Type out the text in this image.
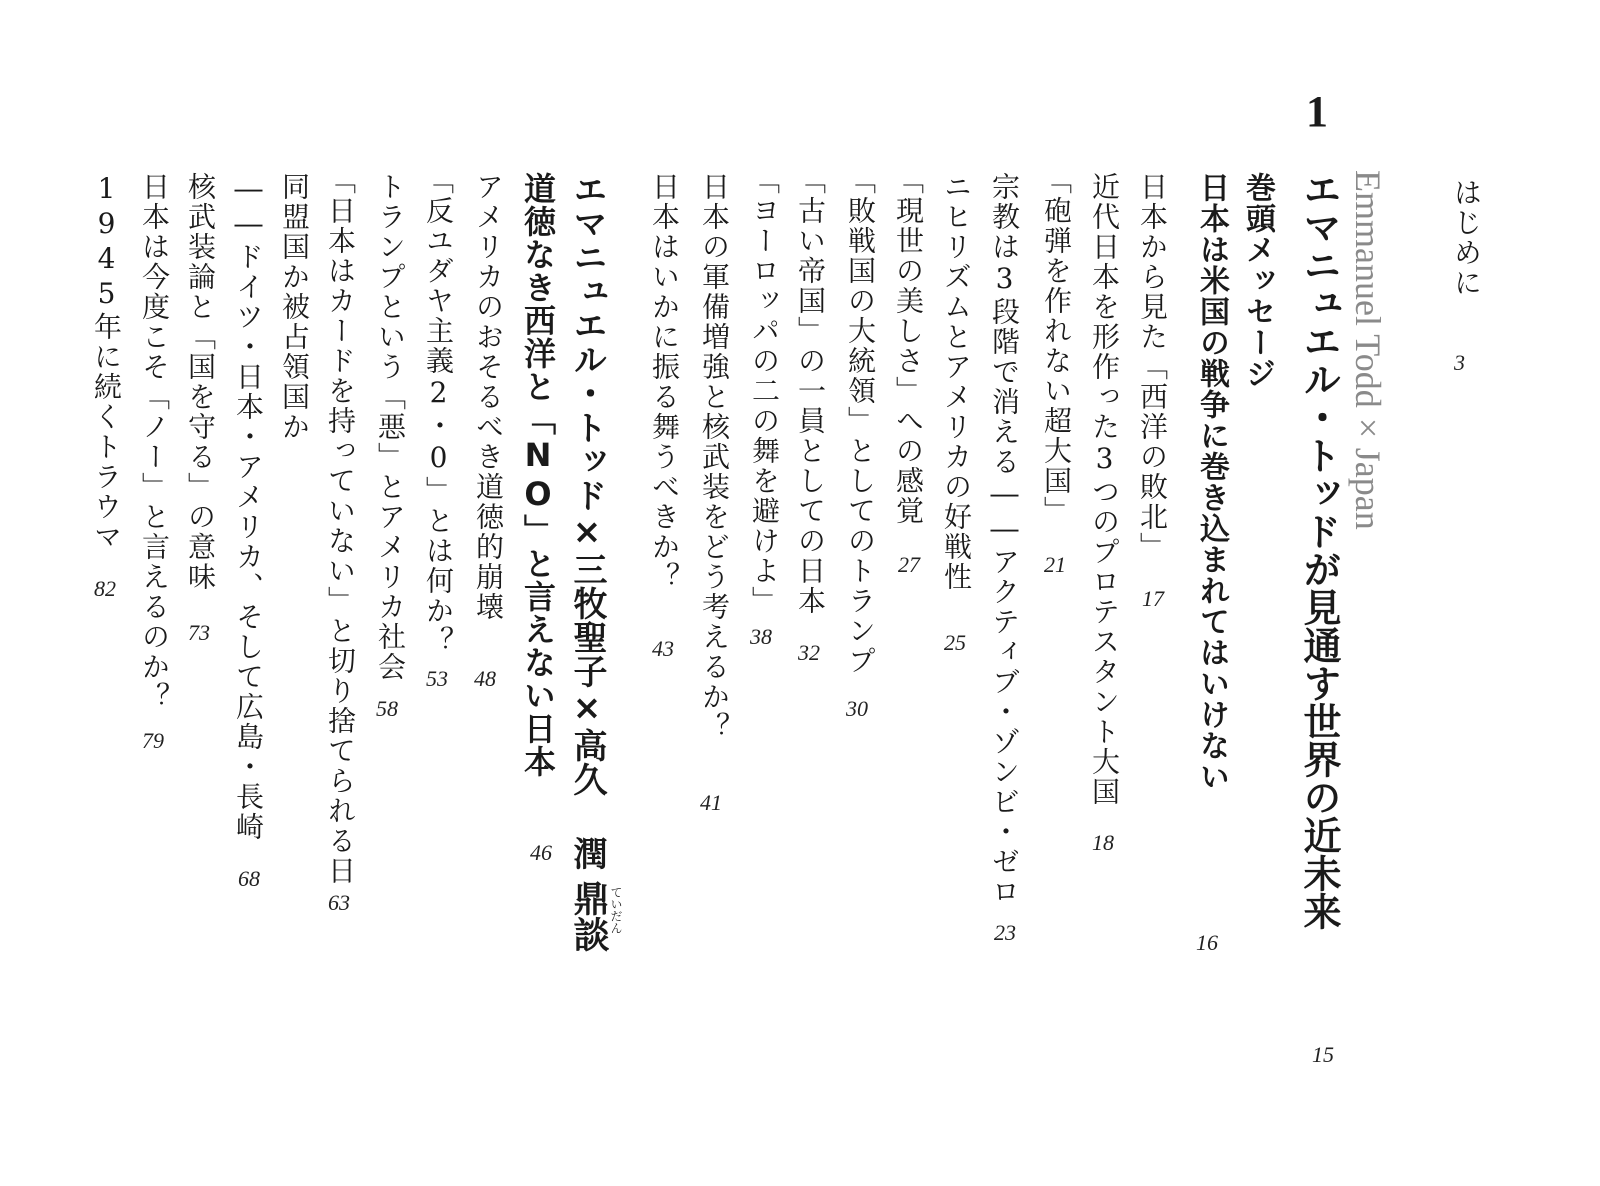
はじめに
3
1
Emmanuel Todd×Japan
エマニュエル・トッドが見通す世界の近未来
15
巻頭メッセージ
日本は米国の戦争に巻き込まれてはいけない
16
日本から見た「西洋の敗北」
17
近代日本を形作った3つのプロテスタント大国
18
「砲弾を作れない超大国」
21
宗教は3段階で消える――アクティブ・ゾンビ・ゼロ
23
ニヒリズムとアメリカの好戦性
25
「現世の美しさ」への感覚
27
「敗戦国の大統領」としてのトランプ
30
「古い帝国」の一員としての日本
32
「ヨーロッパの二の舞を避けよ」
38
日本の軍備増強と核武装をどう考えるか？
41
日本はいかに振る舞うべきか？
43
エマニュエル・トッド×三牧聖子×高久 潤
鼎談 ていだん
道徳なき西洋と「NO」と言えない日本
46
アメリカのおそるべき道徳的崩壊
48
「反ユダヤ主義2・0」とは何か？
53
トランプという「悪」とアメリカ社会
58
「日本はカードを持っていない」と切り捨てられる日
63
同盟国か被占領国か
――ドイツ・日本・アメリカ、そして広島・長崎
68
核武装論と「国を守る」の意味
73
日本は今度こそ「ノー」と言えるのか？
79
1945年に続くトラウマ
82
